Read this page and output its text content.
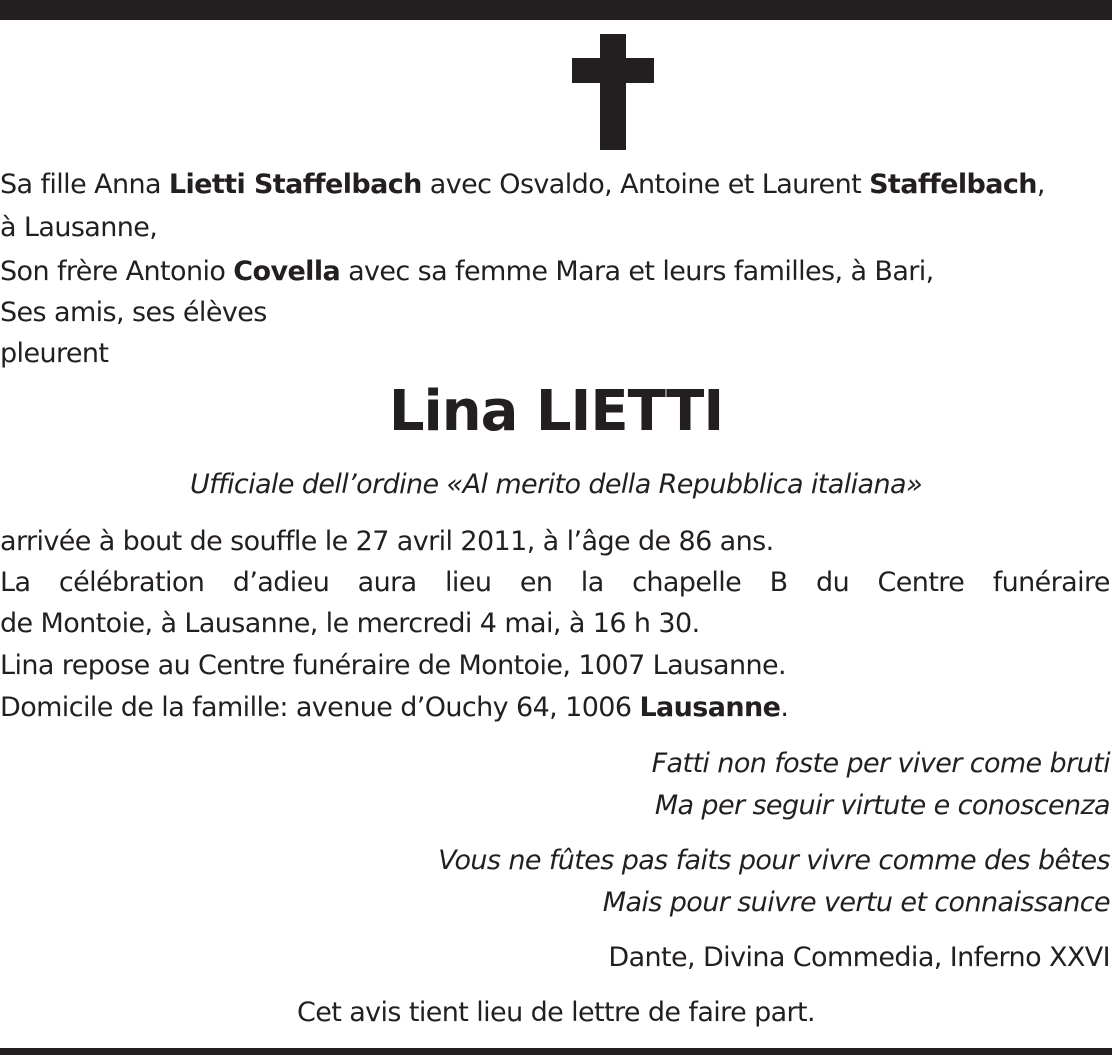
Sa fille Anna Lietti Staffelbach avec Osvaldo, Antoine et Laurent Staffelbach,
à Lausanne,
Son frère Antonio Covella avec sa femme Mara et leurs familles, à Bari,
Ses amis, ses élèves
pleurent
Lina LIETTI
Ufficiale dell’ordine «Al merito della Repubblica italiana»
arrivée à bout de souffle le 27 avril 2011, à l’âge de 86 ans.
La célébration d’adieu aura lieu en la chapelle B du Centre funéraire
de Montoie, à Lausanne, le mercredi 4 mai, à 16 h 30.
Lina repose au Centre funéraire de Montoie, 1007 Lausanne.
Domicile de la famille: avenue d’Ouchy 64, 1006 Lausanne.
Fatti non foste per viver come bruti
Ma per seguir virtute e conoscenza
Vous ne fûtes pas faits pour vivre comme des bêtes
Mais pour suivre vertu et connaissance
Dante, Divina Commedia, Inferno XXVI
Cet avis tient lieu de lettre de faire part.
